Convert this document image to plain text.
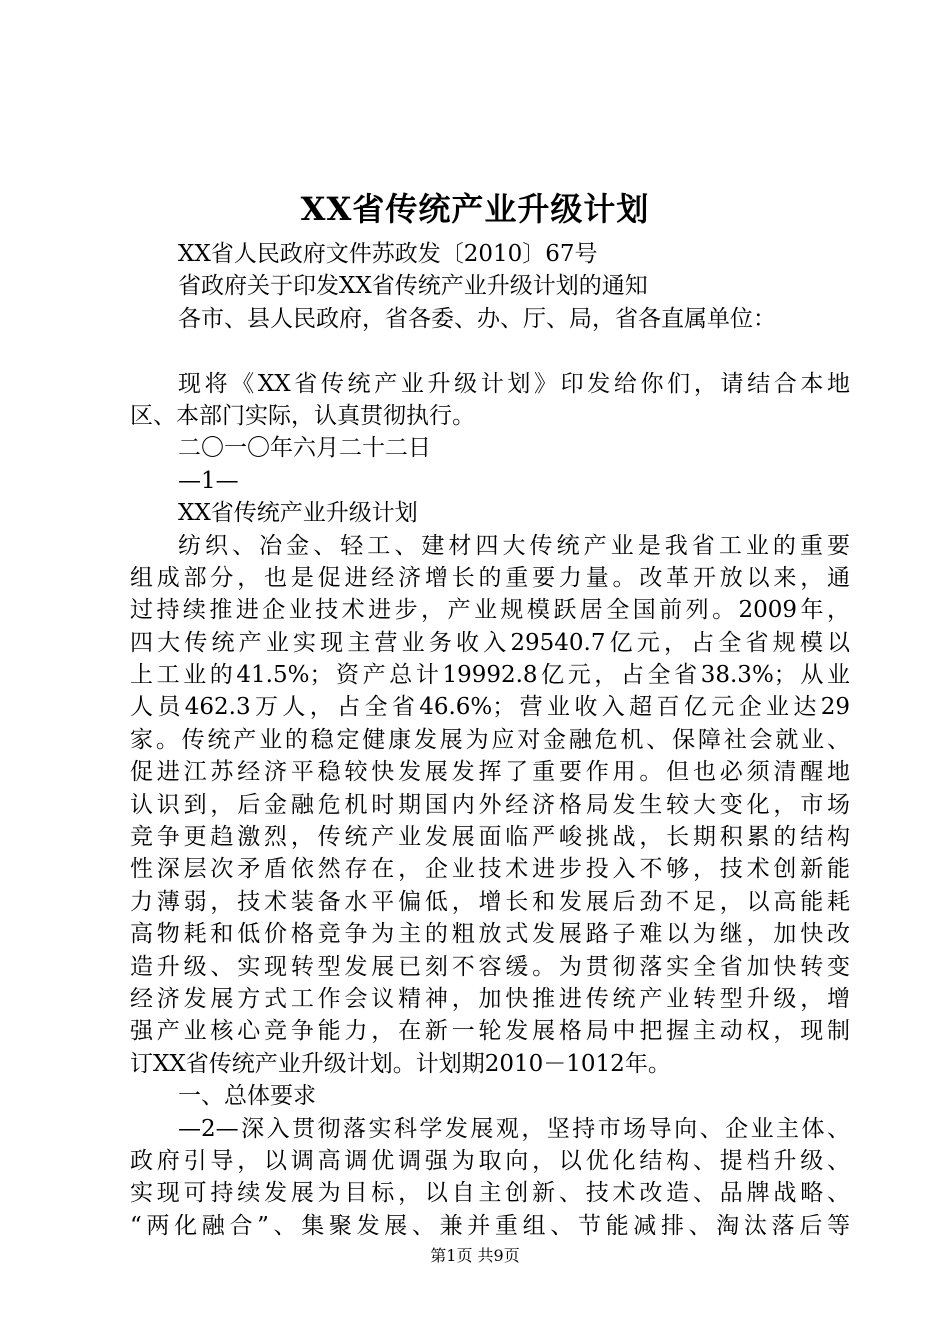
XX省传统产业升级计划
XX省人民政府文件苏政发〔2010〕67号
省政府关于印发XX省传统产业升级计划的通知
各市、县人民政府，省各委、办、厅、局，省各直属单位：
现将《XX省传统产业升级计划》印发给你们，请结合本地
区、本部门实际，认真贯彻执行。
二〇一〇年六月二十二日
—1—
XX省传统产业升级计划
纺织、冶金、轻工、建材四大传统产业是我省工业的重要
组成部分，也是促进经济增长的重要力量。改革开放以来，通
过持续推进企业技术进步，产业规模跃居全国前列。2009年，
四大传统产业实现主营业务收入29540.7亿元，占全省规模以
上工业的41.5%；资产总计19992.8亿元，占全省38.3%；从业
人员462.3万人，占全省46.6%；营业收入超百亿元企业达29
家。传统产业的稳定健康发展为应对金融危机、保障社会就业、
促进江苏经济平稳较快发展发挥了重要作用。但也必须清醒地
认识到，后金融危机时期国内外经济格局发生较大变化，市场
竞争更趋激烈，传统产业发展面临严峻挑战，长期积累的结构
性深层次矛盾依然存在，企业技术进步投入不够，技术创新能
力薄弱，技术装备水平偏低，增长和发展后劲不足，以高能耗
高物耗和低价格竞争为主的粗放式发展路子难以为继，加快改
造升级、实现转型发展已刻不容缓。为贯彻落实全省加快转变
经济发展方式工作会议精神，加快推进传统产业转型升级，增
强产业核心竞争能力，在新一轮发展格局中把握主动权，现制
订XX省传统产业升级计划。计划期2010－1012年。
一、总体要求
—2—深入贯彻落实科学发展观，坚持市场导向、企业主体、
政府引导，以调高调优调强为取向，以优化结构、提档升级、
实现可持续发展为目标，以自主创新、技术改造、品牌战略、
“两化融合”、集聚发展、兼并重组、节能减排、淘汰落后等
第1页 共9页
